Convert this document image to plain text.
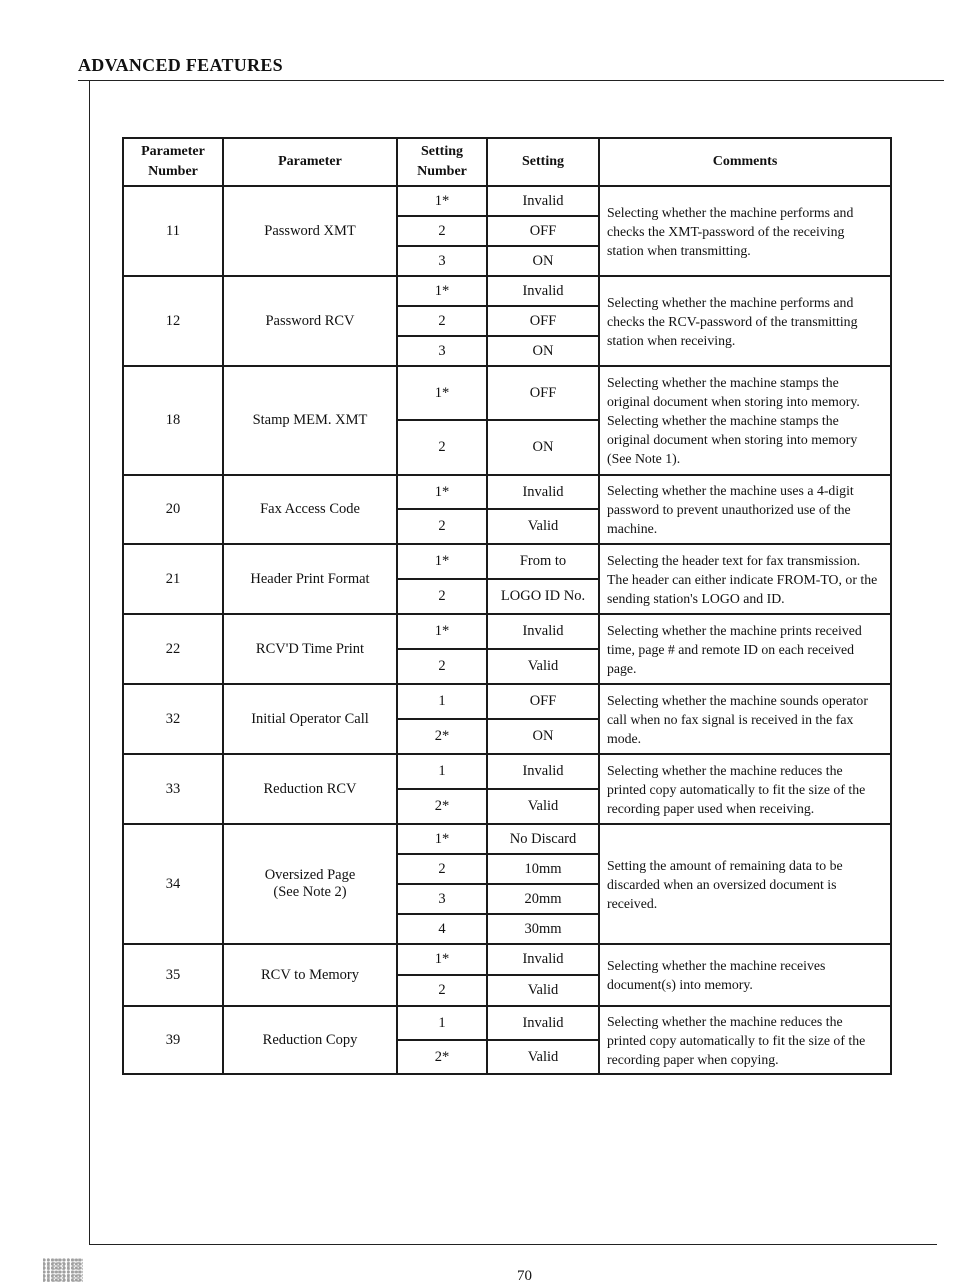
ADVANCED FEATURES
Parameter Number	Parameter	Setting Number	Setting	Comments
11	Password XMT	1*	Invalid	Selecting whether the machine performs and checks the XMT-password of the receiving station when transmitting.
		2	OFF	
		3	ON	
12	Password RCV	1*	Invalid	Selecting whether the machine performs and checks the RCV-password of the transmitting station when receiving.
		2	OFF	
		3	ON	
18	Stamp MEM. XMT	1*	OFF	Selecting whether the machine stamps the original document when storing into memory. Selecting whether the machine stamps the original document when storing into memory (See Note 1).
		2	ON	
20	Fax Access Code	1*	Invalid	Selecting whether the machine uses a 4-digit password to prevent unauthorized use of the machine.
		2	Valid	
21	Header Print Format	1*	From to	Selecting the header text for fax transmission. The header can either indicate FROM-TO, or the sending station's LOGO and ID.
		2	LOGO ID No.	
22	RCV'D Time Print	1*	Invalid	Selecting whether the machine prints received time, page # and remote ID on each received page.
		2	Valid	
32	Initial Operator Call	1	OFF	Selecting whether the machine sounds operator call when no fax signal is received in the fax mode.
		2*	ON	
33	Reduction RCV	1	Invalid	Selecting whether the machine reduces the printed copy automatically to fit the size of the recording paper used when receiving.
		2*	Valid	
34	Oversized Page
(See Note 2)	1*	No Discard	Setting the amount of remaining data to be discarded when an oversized document is received.
		2	10mm	
		3	20mm	
		4	30mm	
35	RCV to Memory	1*	Invalid	Selecting whether the machine receives document(s) into memory.
		2	Valid	
39	Reduction Copy	1	Invalid	Selecting whether the machine reduces the printed copy automatically to fit the size of the recording paper when copying.
		2*	Valid	
70
